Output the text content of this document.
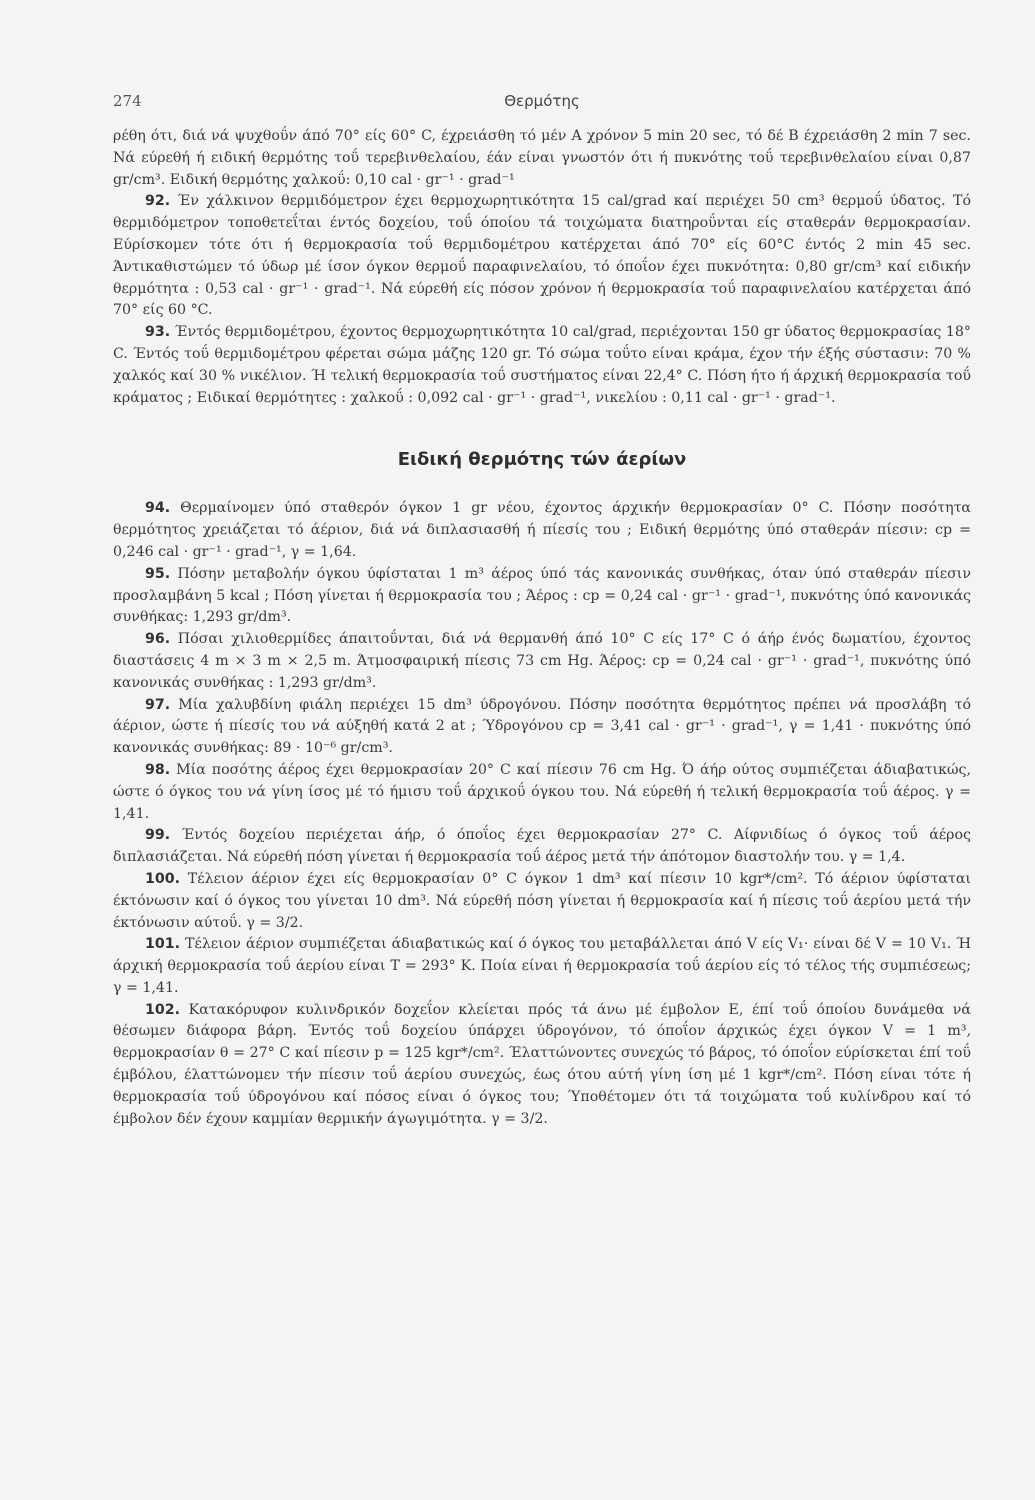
274	Θερμότης

ρέθη ότι, διά νά ψυχθοΰν άπό 70° είς 60° C, έχρειάσθη τό μέν Α χρόνον 5 min 20 sec, τό δέ Β έχρειάσθη 2 min 7 sec. Νά εύρεθή ή ειδική θερμότης τοΰ τερεβινθελαίου, έάν είναι γνωστόν ότι ή πυκνότης τοΰ τερεβινθελαίου είναι 0,87 gr/cm³. Ειδική θερμότης χαλκοΰ: 0,10 cal · gr⁻¹ · grad⁻¹

92. Έν χάλκινον θερμιδόμετρον έχει θερμοχωρητικότητα 15 cal/grad καί περιέχει 50 cm³ θερμοΰ ύδατος. Τό θερμιδόμετρον τοποθετεΐται έντός δοχείου, τοΰ όποίου τά τοιχώματα διατηροΰνται είς σταθεράν θερμοκρασίαν. Εύρίσκομεν τότε ότι ή θερμοκρασία τοΰ θερμιδομέτρου κατέρχεται άπό 70° είς 60°C έντός 2 min 45 sec. Άντικαθιστώμεν τό ύδωρ μέ ίσον όγκον θερμοΰ παραφινελαίου, τό όποΐον έχει πυκνότητα: 0,80 gr/cm³ καί ειδικήν θερμότητα : 0,53 cal · gr⁻¹ · grad⁻¹. Νά εύρεθή είς πόσον χρόνον ή θερμοκρασία τοΰ παραφινελαίου κατέρχεται άπό 70° είς 60 °C.

93. Έντός θερμιδομέτρου, έχοντος θερμοχωρητικότητα 10 cal/grad, περιέχονται 150 gr ύδατος θερμοκρασίας 18° C. Έντός τοΰ θερμιδομέτρου φέρεται σώμα μάζης 120 gr. Τό σώμα τοΰτο είναι κράμα, έχον τήν έξής σύστασιν: 70 % χαλκός καί 30 % νικέλιον. Ή τελική θερμοκρασία τοΰ συστήματος είναι 22,4° C. Πόση ήτο ή άρχική θερμοκρασία τοΰ κράματος ; Ειδικαί θερμότητες : χαλκοΰ : 0,092 cal · gr⁻¹ · grad⁻¹, νικελίου : 0,11 cal · gr⁻¹ · grad⁻¹.

Ειδική θερμότης τών άερίων

94. Θερμαίνομεν ύπό σταθερόν όγκον 1 gr νέου, έχοντος άρχικήν θερμοκρασίαν 0° C. Πόσην ποσότητα θερμότητος χρειάζεται τό άέριον, διά νά διπλασιασθή ή πίεσίς του ; Ειδική θερμότης ύπό σταθεράν πίεσιν: cp = 0,246 cal · gr⁻¹ · grad⁻¹, γ = 1,64.

95. Πόσην μεταβολήν όγκου ύφίσταται 1 m³ άέρος ύπό τάς κανονικάς συνθήκας, όταν ύπό σταθεράν πίεσιν προσλαμβάνη 5 kcal ; Πόση γίνεται ή θερμοκρασία του ; Άέρος : cp = 0,24 cal · gr⁻¹ · grad⁻¹, πυκνότης ύπό κανονικάς συνθήκας: 1,293 gr/dm³.

96. Πόσαι χιλιοθερμίδες άπαιτοΰνται, διά νά θερμανθή άπό 10° C είς 17° C ό άήρ ένός δωματίου, έχοντος διαστάσεις 4 m × 3 m × 2,5 m. Άτμοσφαιρική πίεσις 73 cm Hg. Άέρος: cp = 0,24 cal · gr⁻¹ · grad⁻¹, πυκνότης ύπό κανονικάς συνθήκας : 1,293 gr/dm³.

97. Μία χαλυβδίνη φιάλη περιέχει 15 dm³ ύδρογόνου. Πόσην ποσότητα θερμότητος πρέπει νά προσλάβη τό άέριον, ώστε ή πίεσίς του νά αύξηθή κατά 2 at ; Ύδρογόνου cp = 3,41 cal · gr⁻¹ · grad⁻¹, γ = 1,41 · πυκνότης ύπό κανονικάς συνθήκας: 89 · 10⁻⁶ gr/cm³.

98. Μία ποσότης άέρος έχει θερμοκρασίαν 20° C καί πίεσιν 76 cm Hg. Ό άήρ ούτος συμπιέζεται άδιαβατικώς, ώστε ό όγκος του νά γίνη ίσος μέ τό ήμισυ τοΰ άρχικοΰ όγκου του. Νά εύρεθή ή τελική θερμοκρασία τοΰ άέρος. γ = 1,41.

99. Έντός δοχείου περιέχεται άήρ, ό όποΐος έχει θερμοκρασίαν 27° C. Αίφνιδίως ό όγκος τοΰ άέρος διπλασιάζεται. Νά εύρεθή πόση γίνεται ή θερμοκρασία τοΰ άέρος μετά τήν άπότομον διαστολήν του. γ = 1,4.

100. Τέλειον άέριον έχει είς θερμοκρασίαν 0° C όγκον 1 dm³ καί πίεσιν 10 kgr*/cm². Τό άέριον ύφίσταται έκτόνωσιν καί ό όγκος του γίνεται 10 dm³. Νά εύρεθή πόση γίνεται ή θερμοκρασία καί ή πίεσις τοΰ άερίου μετά τήν έκτόνωσιν αύτοΰ. γ = 3/2.

101. Τέλειον άέριον συμπιέζεται άδιαβατικώς καί ό όγκος του μεταβάλλεται άπό V είς V₁· είναι δέ V = 10 V₁. Ή άρχική θερμοκρασία τοΰ άερίου είναι T = 293° K. Ποία είναι ή θερμοκρασία τοΰ άερίου είς τό τέλος τής συμπιέσεως; γ = 1,41.

102. Κατακόρυφον κυλινδρικόν δοχεΐον κλείεται πρός τά άνω μέ έμβολον Ε, έπί τοΰ όποίου δυνάμεθα νά θέσωμεν διάφορα βάρη. Έντός τοΰ δοχείου ύπάρχει ύδρογόνον, τό όποΐον άρχικώς έχει όγκον V = 1 m³, θερμοκρασίαν θ = 27° C καί πίεσιν p = 125 kgr*/cm². Έλαττώνοντες συνεχώς τό βάρος, τό όποΐον εύρίσκεται έπί τοΰ έμβόλου, έλαττώνομεν τήν πίεσιν τοΰ άερίου συνεχώς, έως ότου αύτή γίνη ίση μέ 1 kgr*/cm². Πόση είναι τότε ή θερμοκρασία τοΰ ύδρογόνου καί πόσος είναι ό όγκος του; Ύποθέτομεν ότι τά τοιχώματα τοΰ κυλίνδρου καί τό έμβολον δέν έχουν καμμίαν θερμικήν άγωγιμότητα. γ = 3/2.
